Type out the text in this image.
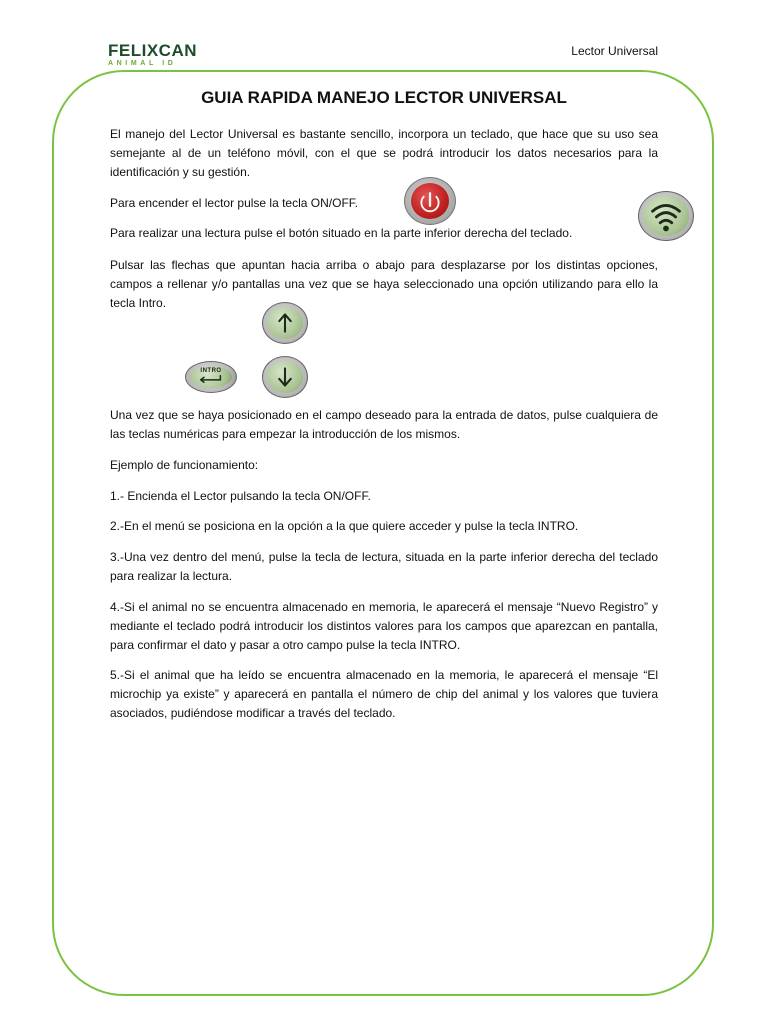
FELIXCAN
ANIMAL ID
Lector Universal
GUIA RAPIDA MANEJO LECTOR UNIVERSAL

El manejo del Lector Universal es bastante sencillo, incorpora un teclado, que hace que su uso sea semejante al de un teléfono móvil, con el que se podrá introducir los datos necesarios para la identificación y su gestión.

Para encender el lector pulse la tecla ON/OFF.

Para realizar una lectura pulse el botón situado en la parte inferior derecha del teclado.

Pulsar las flechas que apuntan hacia arriba o abajo para desplazarse por los distintas opciones, campos a rellenar y/o pantallas una vez que se haya seleccionado una opción utilizando para ello la tecla Intro.

INTRO

Una vez que se haya posicionado en el campo deseado para la entrada de datos, pulse cualquiera de las teclas numéricas para empezar la introducción de los mismos.

Ejemplo de funcionamiento:

1.- Encienda el Lector pulsando la tecla ON/OFF.

2.-En el menú se posiciona en la opción a la que quiere acceder y pulse la tecla INTRO.

3.-Una vez dentro del menú, pulse la tecla de lectura, situada en la parte inferior derecha del teclado para realizar la lectura.

4.-Si el animal no se encuentra almacenado en memoria, le aparecerá el mensaje “Nuevo Registro” y mediante el teclado podrá introducir los distintos valores para los campos que aparezcan en pantalla, para confirmar el dato y pasar a otro campo pulse la tecla INTRO.

5.-Si el animal que ha leído se encuentra almacenado en la memoria, le aparecerá el mensaje “El microchip ya existe” y aparecerá en pantalla el número de chip del animal y los valores que tuviera asociados, pudiéndose modificar a través del teclado.
